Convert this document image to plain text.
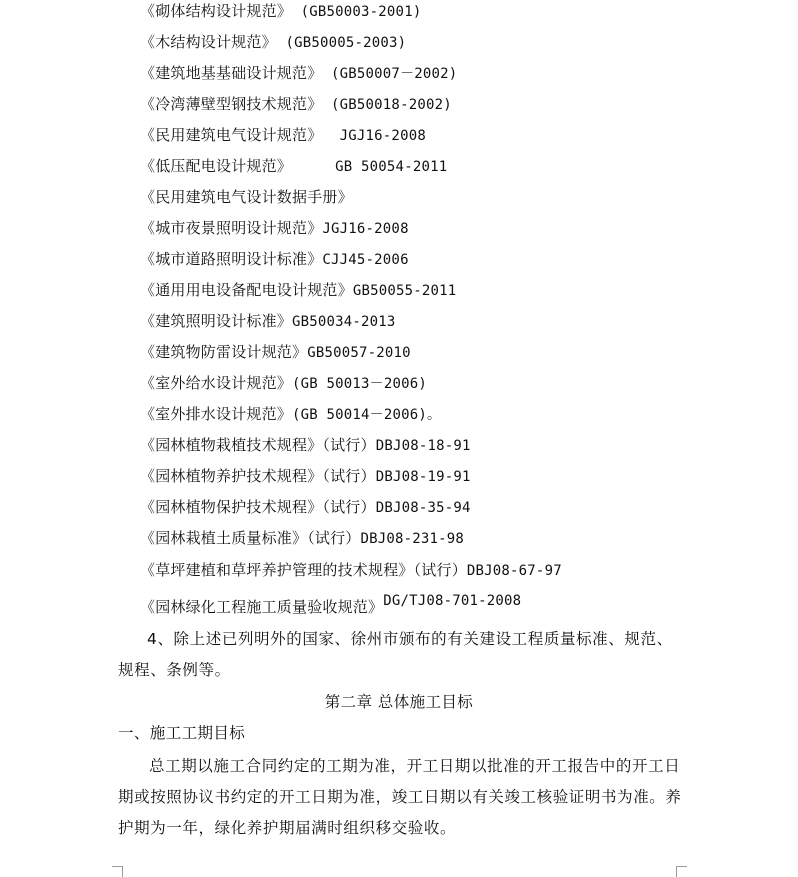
《砌体结构设计规范》 (GB50003-2001)
《木结构设计规范》 (GB50005-2003)
《建筑地基基础设计规范》 (GB50007－2002)
《冷湾薄壁型钢技术规范》 (GB50018-2002)
《民用建筑电气设计规范》  JGJ16-2008
《低压配电设计规范》     GB 50054-2011
《民用建筑电气设计数据手册》
《城市夜景照明设计规范》JGJ16-2008
《城市道路照明设计标准》CJJ45-2006
《通用用电设备配电设计规范》GB50055-2011
《建筑照明设计标准》GB50034-2013
《建筑物防雷设计规范》GB50057-2010
《室外给水设计规范》(GB 50013－2006)
《室外排水设计规范》(GB 50014－2006)。
《园林植物栽植技术规程》（试行）DBJ08-18-91
《园林植物养护技术规程》（试行）DBJ08-19-91
《园林植物保护技术规程》（试行）DBJ08-35-94
《园林栽植土质量标准》（试行）DBJ08-231-98
《草坪建植和草坪养护管理的技术规程》（试行）DBJ08-67-97
《园林绿化工程施工质量验收规范》DG/TJ08-701-2008
4、除上述已列明外的国家、徐州市颁布的有关建设工程质量标准、规范、规程、条例等。
第二章 总体施工目标
一、施工工期目标
总工期以施工合同约定的工期为准，开工日期以批准的开工报告中的开工日期或按照协议书约定的开工日期为准，竣工日期以有关竣工核验证明书为准。养护期为一年，绿化养护期届满时组织移交验收。
